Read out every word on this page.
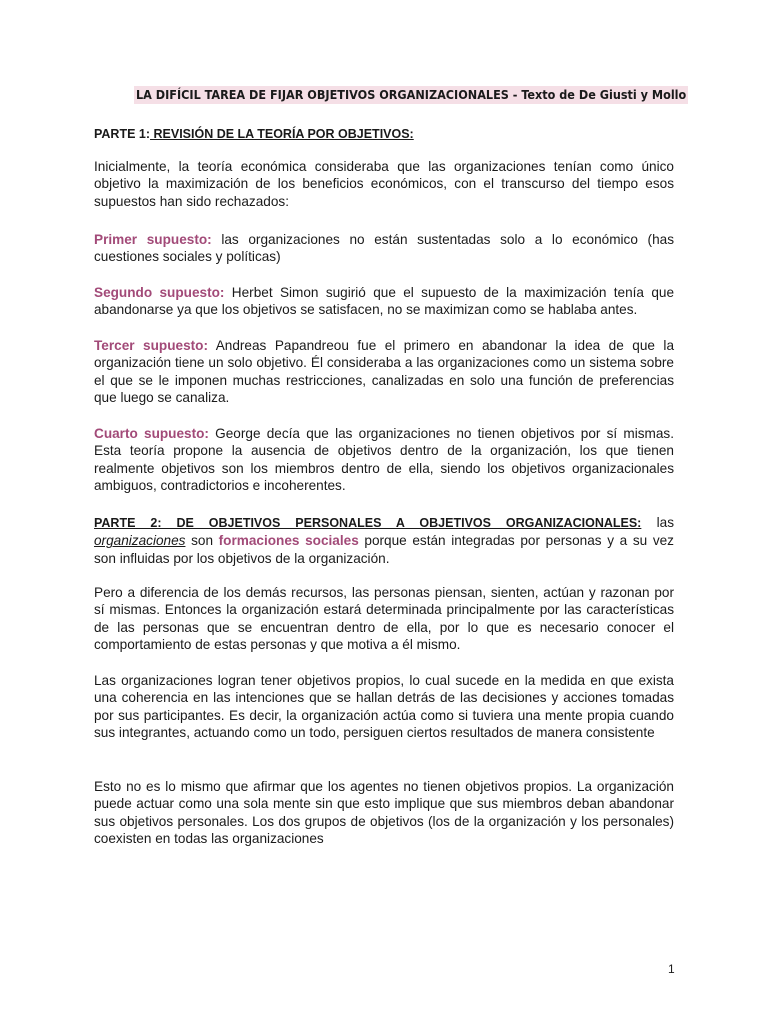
LA DIFÍCIL TAREA DE FIJAR OBJETIVOS ORGANIZACIONALES - Texto de De Giusti y Mollo
PARTE 1: REVISIÓN DE LA TEORÍA POR OBJETIVOS:

Inicialmente, la teoría económica consideraba que las organizaciones tenían como único objetivo la maximización de los beneficios económicos, con el transcurso del tiempo esos supuestos han sido rechazados:

Primer supuesto: las organizaciones no están sustentadas solo a lo económico (has cuestiones sociales y políticas)

Segundo supuesto: Herbet Simon sugirió que el supuesto de la maximización tenía que abandonarse ya que los objetivos se satisfacen, no se maximizan como se hablaba antes.

Tercer supuesto: Andreas Papandreou fue el primero en abandonar la idea de que la organización tiene un solo objetivo. Él consideraba a las organizaciones como un sistema sobre el que se le imponen muchas restricciones, canalizadas en solo una función de preferencias que luego se canaliza.

Cuarto supuesto: George decía que las organizaciones no tienen objetivos por sí mismas. Esta teoría propone la ausencia de objetivos dentro de la organización, los que tienen realmente objetivos son los miembros dentro de ella, siendo los objetivos organizacionales ambiguos, contradictorios e incoherentes.

PARTE 2: DE OBJETIVOS PERSONALES A OBJETIVOS ORGANIZACIONALES: las organizaciones son formaciones sociales porque están integradas por personas y a su vez son influidas por los objetivos de la organización.

Pero a diferencia de los demás recursos, las personas piensan, sienten, actúan y razonan por sí mismas. Entonces la organización estará determinada principalmente por las características de las personas que se encuentran dentro de ella, por lo que es necesario conocer el comportamiento de estas personas y que motiva a él mismo.

Las organizaciones logran tener objetivos propios, lo cual sucede en la medida en que exista una coherencia en las intenciones que se hallan detrás de las decisiones y acciones tomadas por sus participantes. Es decir, la organización actúa como si tuviera una mente propia cuando sus integrantes, actuando como un todo, persiguen ciertos resultados de manera consistente

Esto no es lo mismo que afirmar que los agentes no tienen objetivos propios. La organización puede actuar como una sola mente sin que esto implique que sus miembros deban abandonar sus objetivos personales. Los dos grupos de objetivos (los de la organización y los personales) coexisten en todas las organizaciones

1
